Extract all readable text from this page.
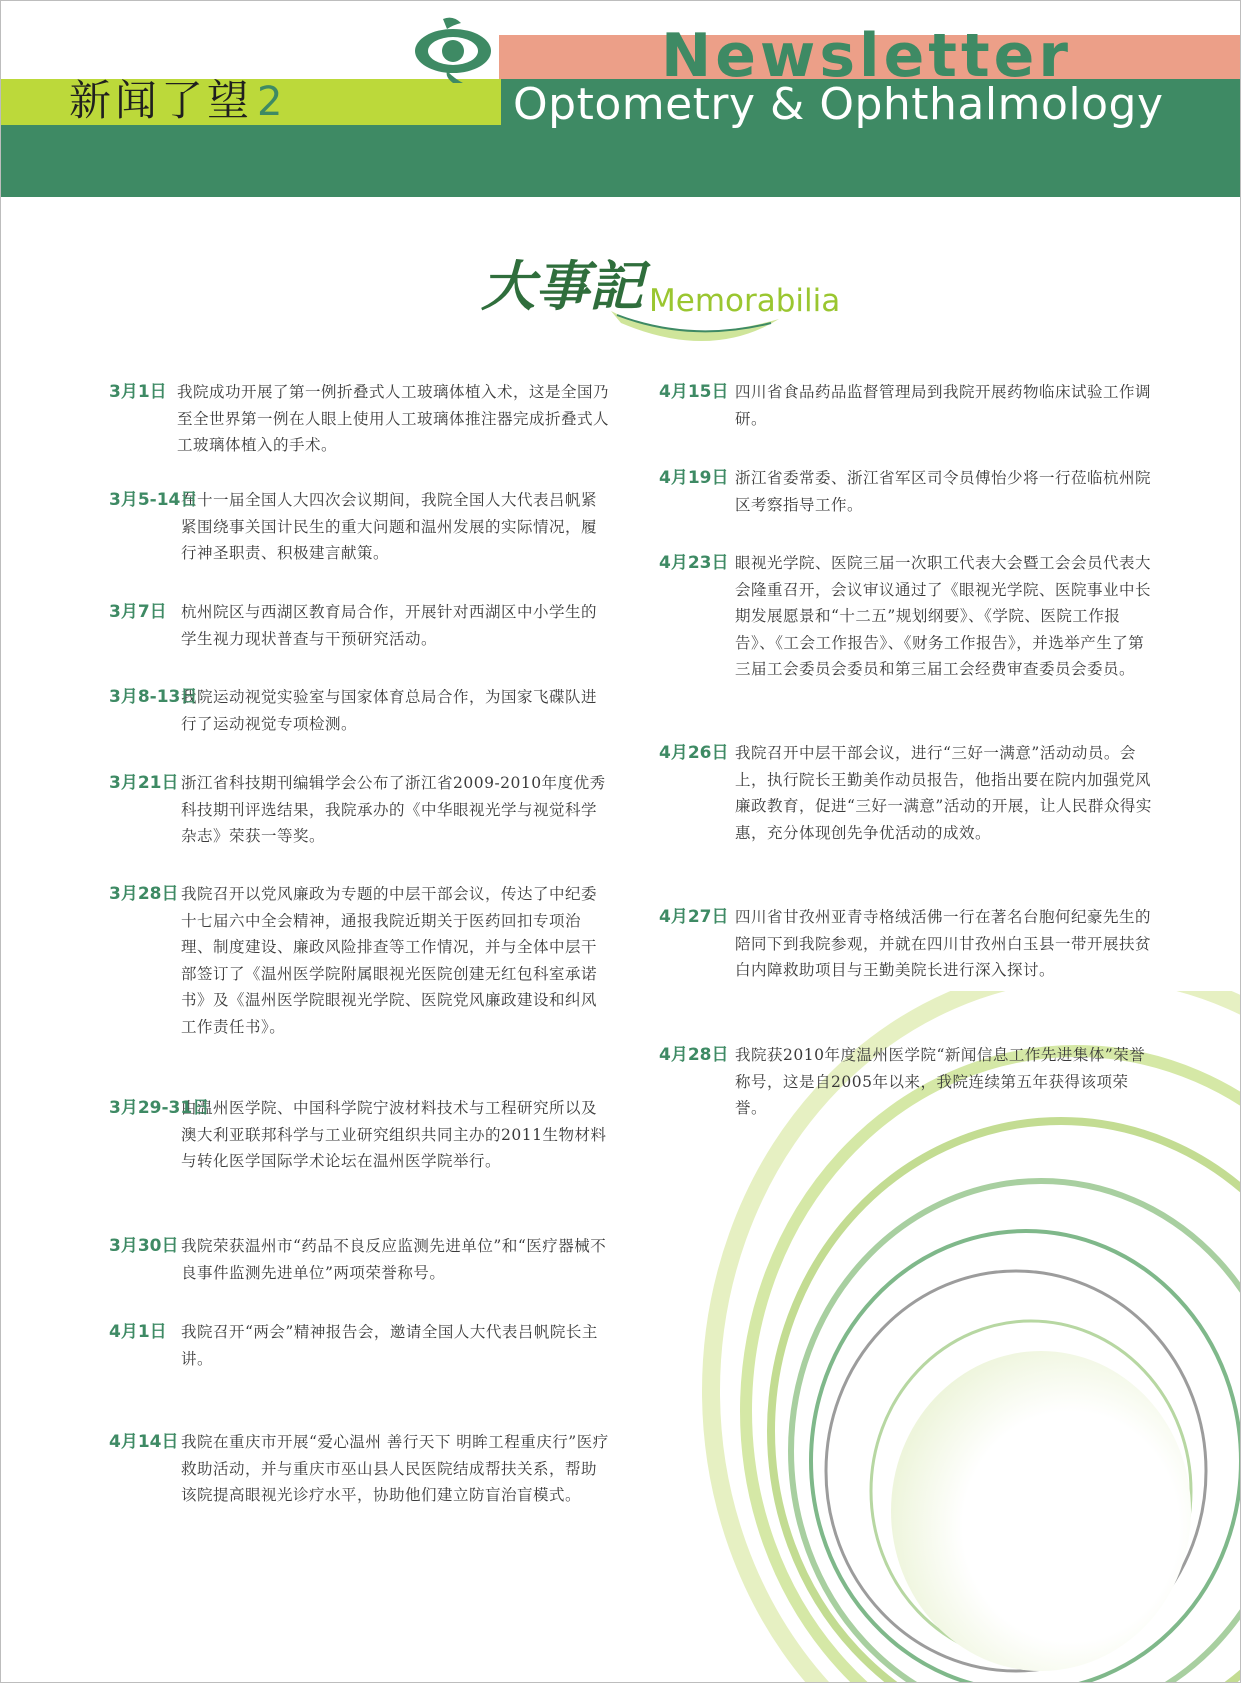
Newsletter
Optometry & Ophthalmology
新闻了望 2
大事記 Memorabilia
3月1日 我院成功开展了第一例折叠式人工玻璃体植入术，这是全国乃至全世界第一例在人眼上使用人工玻璃体推注器完成折叠式人工玻璃体植入的手术。
3月5-14日
在十一届全国人大四次会议期间，我院全国人大代表吕帆紧紧围绕事关国计民生的重大问题和温州发展的实际情况，履行神圣职责、积极建言献策。
3月7日 杭州院区与西湖区教育局合作，开展针对西湖区中小学生的学生视力现状普查与干预研究活动。
3月8-13日
我院运动视觉实验室与国家体育总局合作，为国家飞碟队进行了运动视觉专项检测。
3月21日 浙江省科技期刊编辑学会公布了浙江省2009-2010年度优秀科技期刊评选结果，我院承办的《中华眼视光学与视觉科学杂志》荣获一等奖。
3月28日 我院召开以党风廉政为专题的中层干部会议，传达了中纪委十七届六中全会精神，通报我院近期关于医药回扣专项治理、制度建设、廉政风险排查等工作情况，并与全体中层干部签订了《温州医学院附属眼视光医院创建无红包科室承诺书》及《温州医学院眼视光学院、医院党风廉政建设和纠风工作责任书》。
3月29-31日
由温州医学院、中国科学院宁波材料技术与工程研究所以及澳大利亚联邦科学与工业研究组织共同主办的2011生物材料与转化医学国际学术论坛在温州医学院举行。
3月30日 我院荣获温州市“药品不良反应监测先进单位”和“医疗器械不良事件监测先进单位”两项荣誉称号。
4月1日 我院召开“两会”精神报告会，邀请全国人大代表吕帆院长主讲。
4月14日 我院在重庆市开展“爱心温州 善行天下 明眸工程重庆行”医疗救助活动，并与重庆市巫山县人民医院结成帮扶关系，帮助该院提高眼视光诊疗水平，协助他们建立防盲治盲模式。
4月15日 四川省食品药品监督管理局到我院开展药物临床试验工作调研。
4月19日 浙江省委常委、浙江省军区司令员傅怡少将一行莅临杭州院区考察指导工作。
4月23日 眼视光学院、医院三届一次职工代表大会暨工会会员代表大会隆重召开，会议审议通过了《眼视光学院、医院事业中长期发展愿景和“十二五”规划纲要》、《学院、医院工作报告》、《工会工作报告》、《财务工作报告》，并选举产生了第三届工会委员会委员和第三届工会经费审查委员会委员。
4月26日 我院召开中层干部会议，进行“三好一满意”活动动员。会上，执行院长王勤美作动员报告，他指出要在院内加强党风廉政教育，促进“三好一满意”活动的开展，让人民群众得实惠，充分体现创先争优活动的成效。
4月27日 四川省甘孜州亚青寺格绒活佛一行在著名台胞何纪豪先生的陪同下到我院参观，并就在四川甘孜州白玉县一带开展扶贫白内障救助项目与王勤美院长进行深入探讨。
4月28日 我院获2010年度温州医学院“新闻信息工作先进集体”荣誉称号，这是自2005年以来，我院连续第五年获得该项荣誉。
